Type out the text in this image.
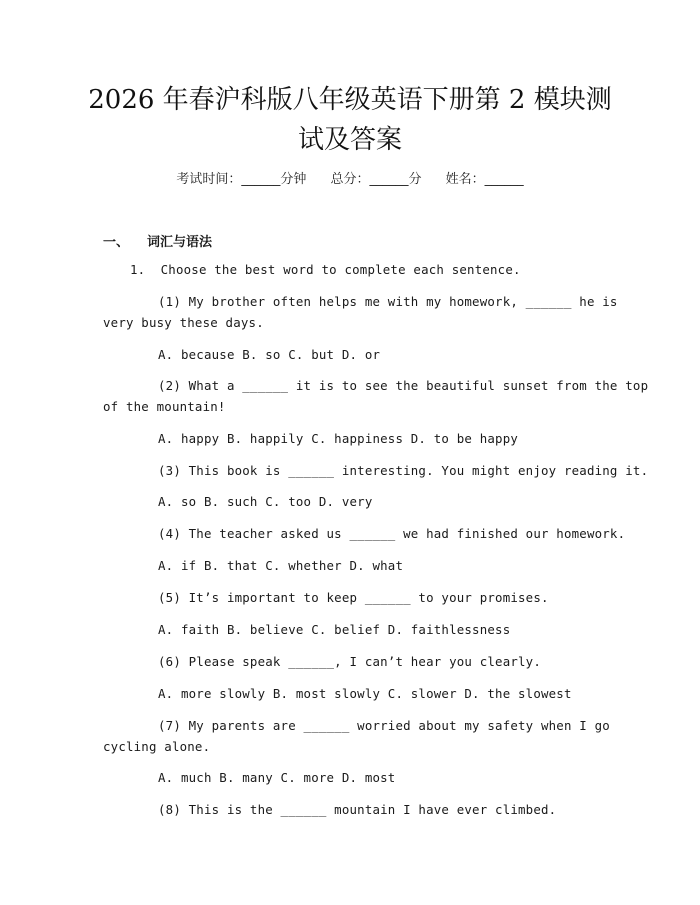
2026 年春沪科版八年级英语下册第 2 模块测
试及答案
考试时间：______分钟 总分：______分 姓名：______
一、 词汇与语法
1.  Choose the best word to complete each sentence.
(1) My brother often helps me with my homework, ______ he is
very busy these days.
A. because B. so C. but D. or
(2) What a ______ it is to see the beautiful sunset from the top
of the mountain!
A. happy B. happily C. happiness D. to be happy
(3) This book is ______ interesting. You might enjoy reading it.
A. so B. such C. too D. very
(4) The teacher asked us ______ we had finished our homework.
A. if B. that C. whether D. what
(5) It’s important to keep ______ to your promises.
A. faith B. believe C. belief D. faithlessness
(6) Please speak ______, I can’t hear you clearly.
A. more slowly B. most slowly C. slower D. the slowest
(7) My parents are ______ worried about my safety when I go
cycling alone.
A. much B. many C. more D. most
(8) This is the ______ mountain I have ever climbed.
